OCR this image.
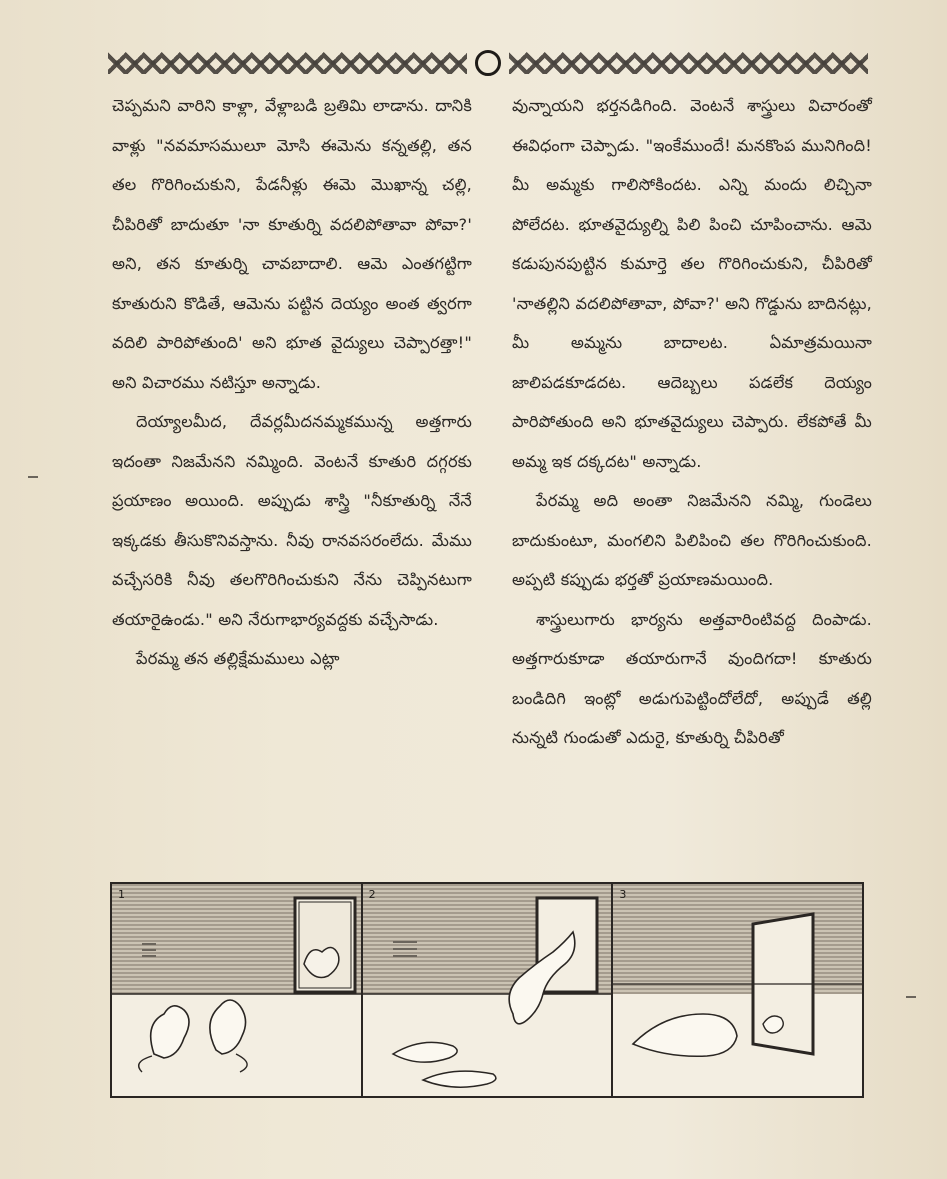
చెప్పమని వారిని కాళ్లా, వేళ్లాబడి బ్రతిమి లాడాను. దానికి వాళ్లు "నవమాసములూ మోసి ఈమెను కన్నతల్లి, తన తల గొరిగించుకుని, పేడనీళ్లు ఈమె మొఖాన్న చల్లి, చీపిరితో బాదుతూ 'నా కూతుర్ని వదలిపోతావా పోవా?' అని, తన కూతుర్ని చావబాదాలి. ఆమె ఎంతగట్టిగా కూతురుని కొడితే, ఆమెను పట్టిన దెయ్యం అంత త్వరగా వదిలి పారిపోతుంది' అని భూత వైద్యులు చెప్పారత్తా!" అని విచారము నటిస్తూ అన్నాడు.

దెయ్యాలమీద, దేవర్లమీదనమ్మకమున్న అత్తగారు ఇదంతా నిజమేనని నమ్మింది. వెంటనే కూతురి దగ్గరకు ప్రయాణం అయింది. అప్పుడు శాస్త్రి "నీకూతుర్ని నేనే ఇక్కడకు తీసుకొనివస్తాను. నీవు రానవసరంలేదు. మేము వచ్చేసరికి నీవు తలగొరిగించుకుని నేను చెప్పినటుగా తయారైఉండు." అని నేరుగాభార్యవద్దకు వచ్చేసాడు.

పేరమ్మ తన తల్లిక్షేమములు ఎట్లా

వున్నాయని భర్తనడిగింది. వెంటనే శాస్త్రులు విచారంతో ఈవిధంగా చెప్పాడు. "ఇంకేముందే! మనకొంప మునిగింది! మీ అమ్మకు గాలిసోకిందట. ఎన్ని మందు లిచ్చినా పోలేదట. భూతవైద్యుల్ని పిలి పించి చూపించాను. ఆమె కడుపునపుట్టిన కుమార్తె తల గొరిగించుకుని, చీపిరితో 'నాతల్లిని వదలిపోతావా, పోవా?' అని గొడ్డును బాదినట్లు, మీ అమ్మను బాదాలట. ఏమాత్రమయినా జాలిపడకూడదట. ఆదెబ్బలు పడలేక దెయ్యం పారిపోతుంది అని భూతవైద్యులు చెప్పారు. లేకపోతే మీ అమ్మ ఇక దక్కదట" అన్నాడు.

పేరమ్మ అది అంతా నిజమేనని నమ్మి, గుండెలు బాదుకుంటూ, మంగలిని పిలిపించి తల గొరిగించుకుంది. అప్పటి కప్పుడు భర్తతో ప్రయాణమయింది.

శాస్త్రులుగారు భార్యను అత్తవారింటివద్ద దింపాడు. అత్తగారుకూడా తయారుగానే వుందిగదా! కూతురు బండిదిగి ఇంట్లో అడుగుపెట్టిందోలేదో, అప్పుడే తల్లి నున్నటి గుండుతో ఎదురై, కూతుర్ని చీపిరితో

1	2	3
